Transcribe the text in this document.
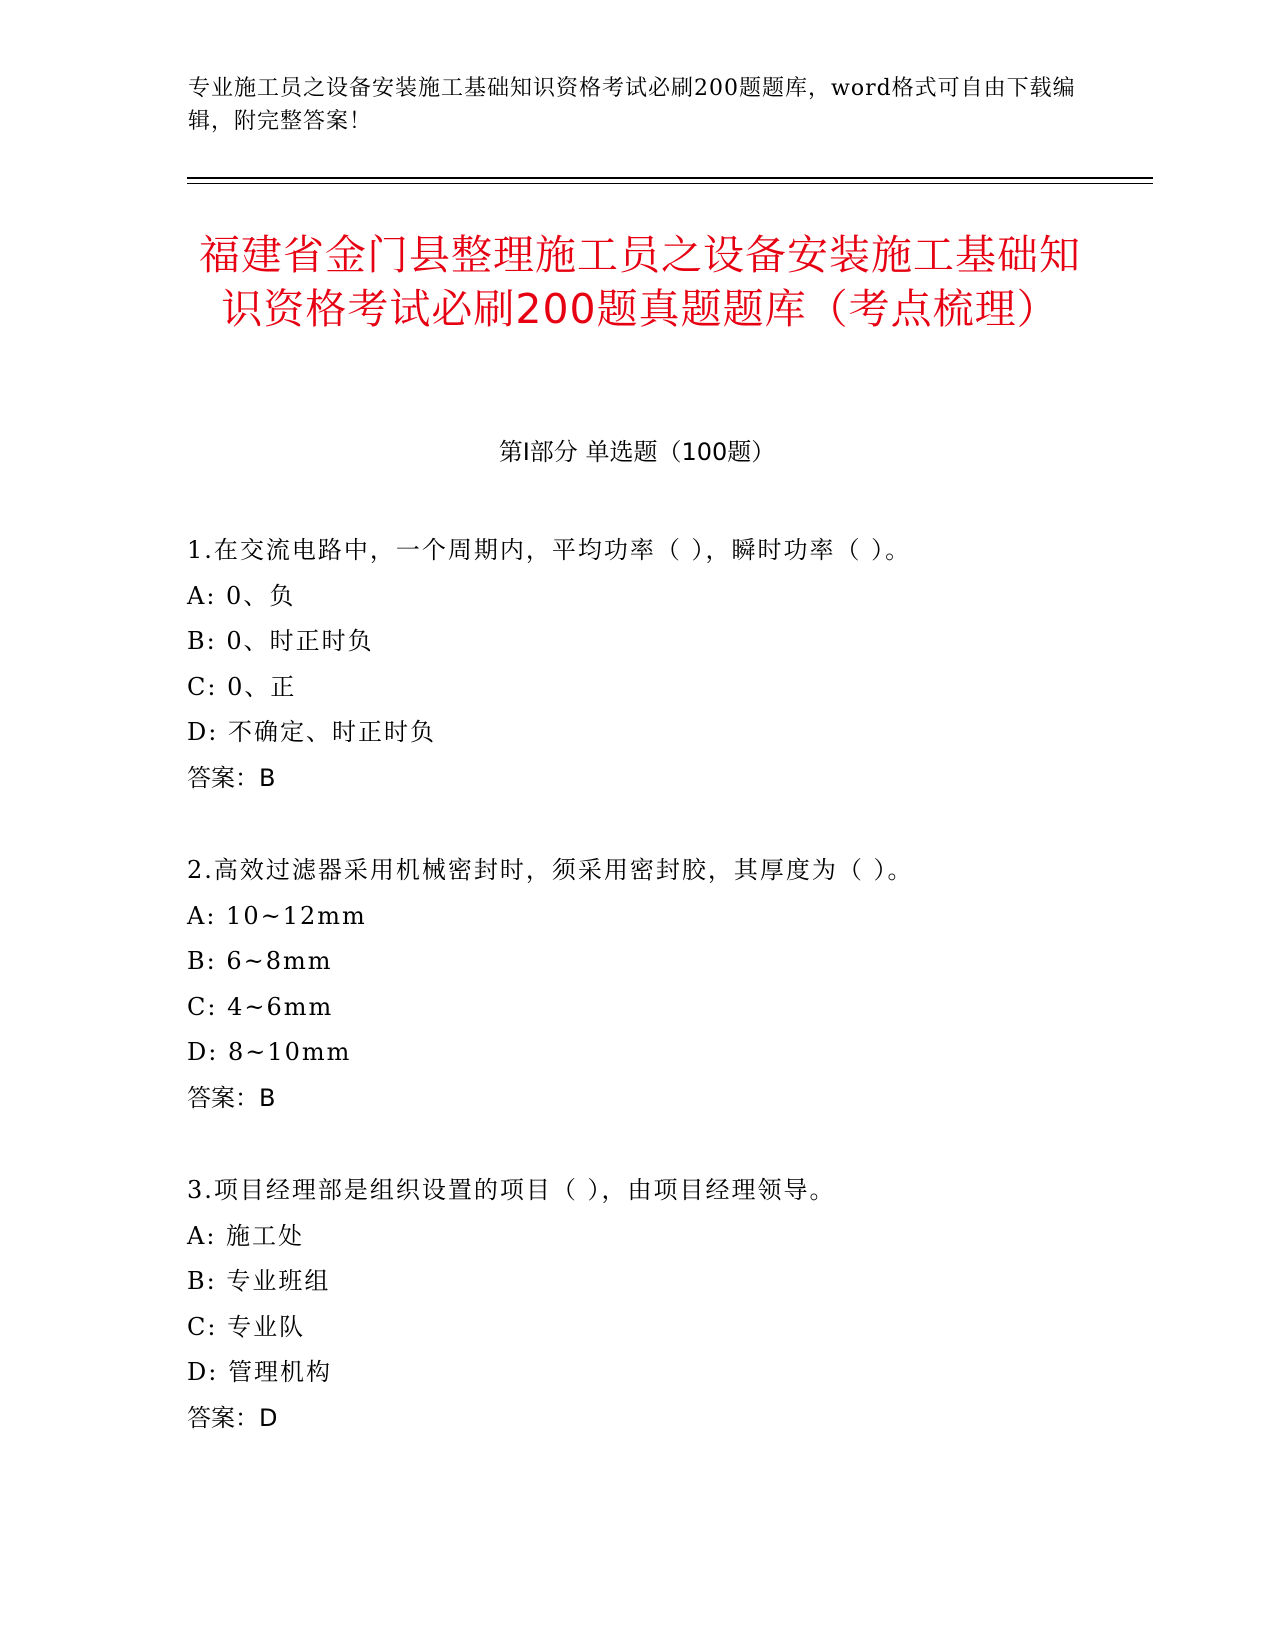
专业施工员之设备安装施工基础知识资格考试必刷200题题库，word格式可自由下载编辑，附完整答案！
福建省金门县整理施工员之设备安装施工基础知识资格考试必刷200题真题题库（考点梳理）
第Ⅰ部分 单选题（100题）
1.在交流电路中，一个周期内，平均功率（ ），瞬时功率（ ）。
A: 0、负
B: 0、时正时负
C: 0、正
D: 不确定、时正时负
答案：B
2.高效过滤器采用机械密封时，须采用密封胶，其厚度为（ ）。
A: 10~12mm
B: 6~8mm
C: 4~6mm
D: 8~10mm
答案：B
3.项目经理部是组织设置的项目（ ），由项目经理领导。
A: 施工处
B: 专业班组
C: 专业队
D: 管理机构
答案：D
